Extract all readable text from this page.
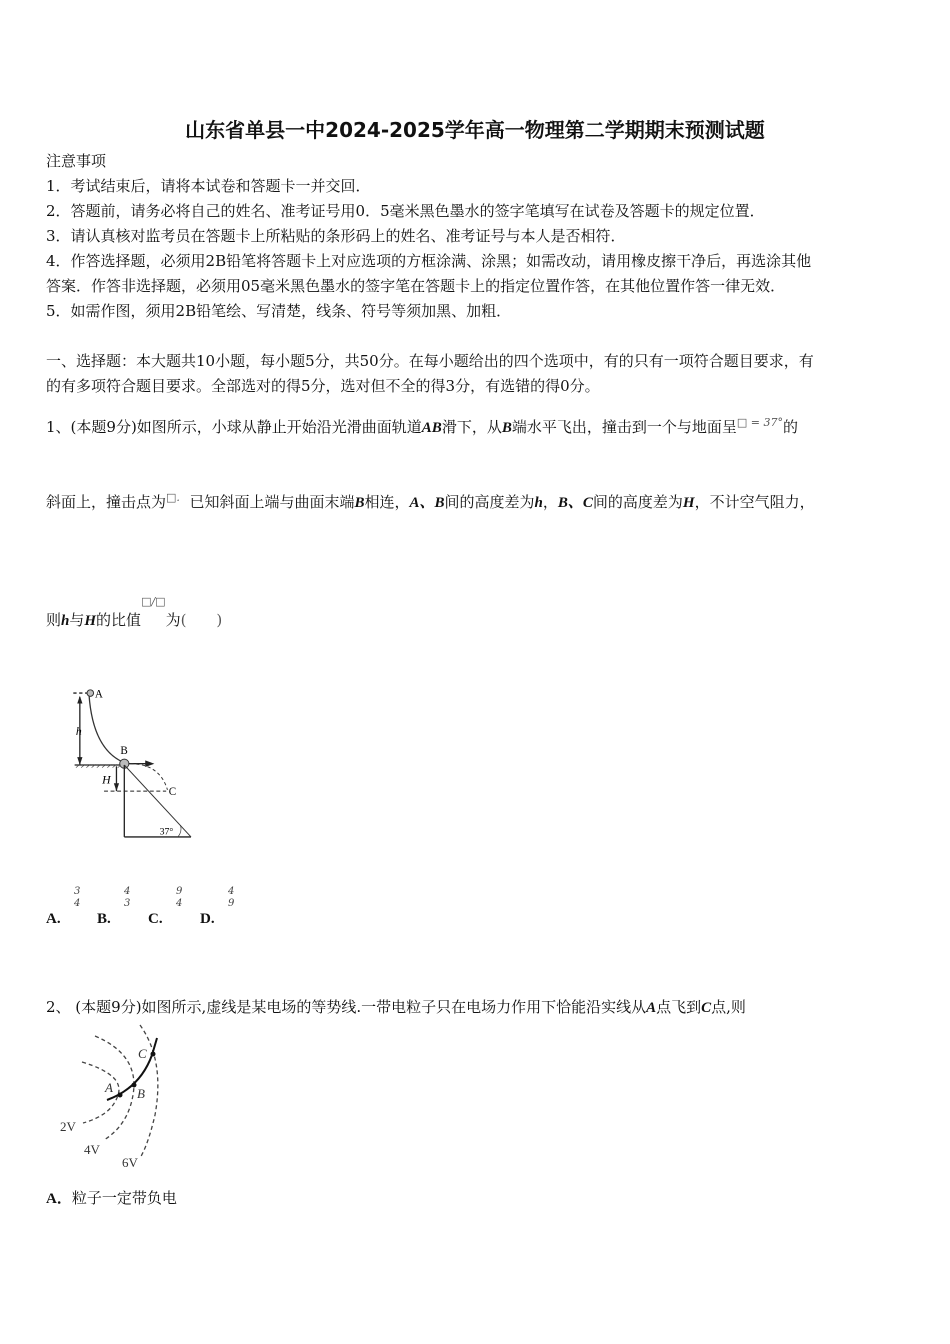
山东省单县一中2024-2025学年高一物理第二学期期末预测试题
注意事项
1．考试结束后，请将本试卷和答题卡一并交回．
2．答题前，请务必将自己的姓名、准考证号用0．5毫米黑色墨水的签字笔填写在试卷及答题卡的规定位置．
3．请认真核对监考员在答题卡上所粘贴的条形码上的姓名、准考证号与本人是否相符．
4．作答选择题，必须用2B铅笔将答题卡上对应选项的方框涂满、涂黑；如需改动，请用橡皮擦干净后，再选涂其他
答案．作答非选择题，必须用05毫米黑色墨水的签字笔在答题卡上的指定位置作答，在其他位置作答一律无效．
5．如需作图，须用2B铅笔绘、写清楚，线条、符号等须加黑、加粗．
一、选择题：本大题共10小题，每小题5分，共50分。在每小题给出的四个选项中，有的只有一项符合题目要求，有
的有多项符合题目要求。全部选对的得5分，选对但不全的得3分，有选错的得0分。
1、(本题9分)如图所示，小球从静止开始沿光滑曲面轨道AB滑下，从B端水平飞出，撞击到一个与地面呈$^{□ = 37^\circ}$的
斜面上，撞击点为□. 已知斜面上端与曲面末端B相连，A、B间的高度差为h，B、C间的高度差为H，不计空气阻力，
则h与H的比值□/□为(　　)
A
h
B
H
C
37°
A.
3
4
B.
4
3
C.
9
4
D.
4
9
2、 (本题9分)如图所示,虚线是某电场的等势线.一带电粒子只在电场力作用下恰能沿实线从A点飞到C点,则
A B
C
2V
4V
6V
A．粒子一定带负电
